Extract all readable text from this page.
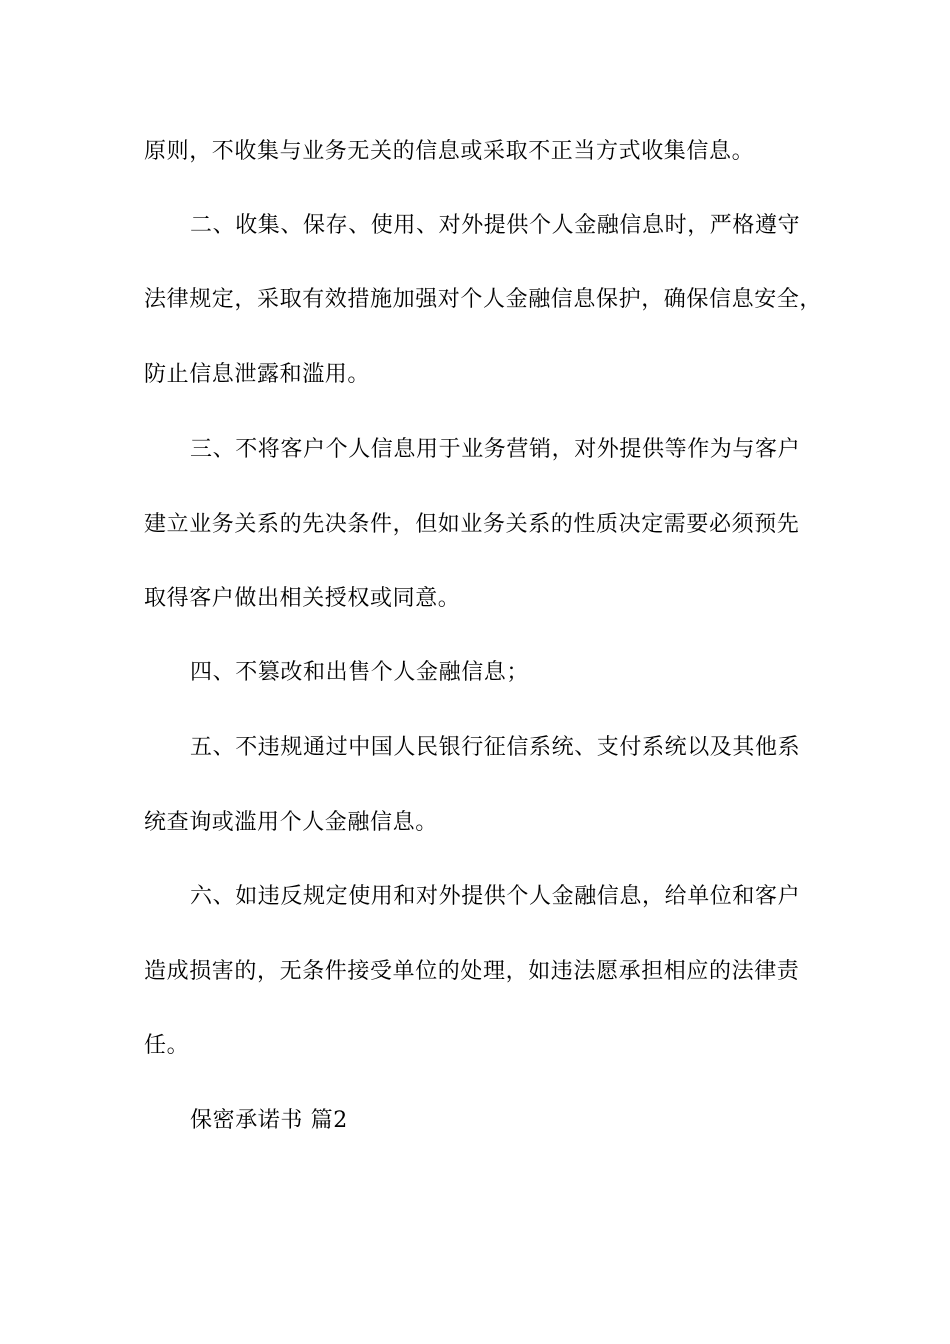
原则，不收集与业务无关的信息或采取不正当方式收集信息。
二、收集、保存、使用、对外提供个人金融信息时，严格遵守
法律规定，采取有效措施加强对个人金融信息保护，确保信息安全，
防止信息泄露和滥用。
三、不将客户个人信息用于业务营销，对外提供等作为与客户
建立业务关系的先决条件，但如业务关系的性质决定需要必须预先
取得客户做出相关授权或同意。
四、不篡改和出售个人金融信息；
五、不违规通过中国人民银行征信系统、支付系统以及其他系
统查询或滥用个人金融信息。
六、如违反规定使用和对外提供个人金融信息，给单位和客户
造成损害的，无条件接受单位的处理，如违法愿承担相应的法律责
任。
保密承诺书 篇2
